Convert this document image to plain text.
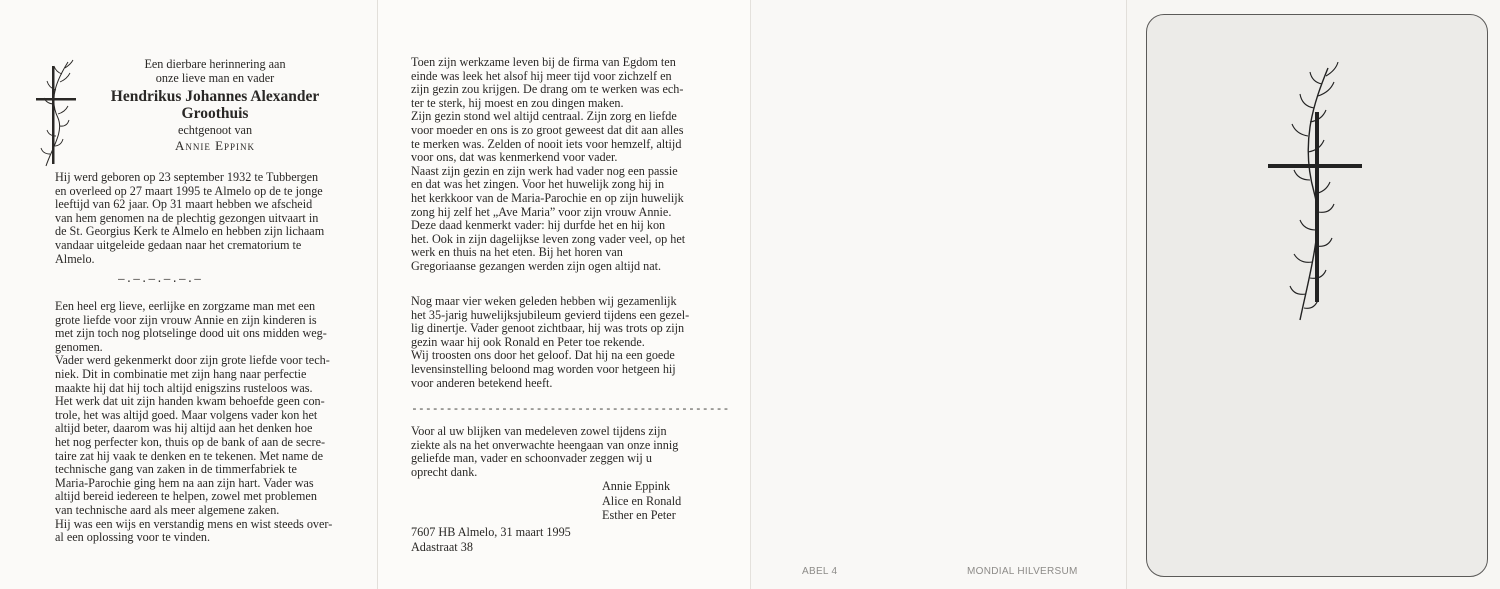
Een dierbare herinnering aan
onze lieve man en vader
Hendrikus Johannes Alexander
Groothuis
echtgenoot van
Annie Eppink
Hij werd geboren op 23 september 1932 te Tubbergen
en overleed op 27 maart 1995 te Almelo op de te jonge
leeftijd van 62 jaar. Op 31 maart hebben we afscheid
van hem genomen na de plechtig gezongen uitvaart in
de St. Georgius Kerk te Almelo en hebben zijn lichaam
vandaar uitgeleide gedaan naar het crematorium te
Almelo.
—.—.—.—.—.—
Een heel erg lieve, eerlijke en zorgzame man met een
grote liefde voor zijn vrouw Annie en zijn kinderen is
met zijn toch nog plotselinge dood uit ons midden weg-
genomen.
Vader werd gekenmerkt door zijn grote liefde voor tech-
niek. Dit in combinatie met zijn hang naar perfectie
maakte hij dat hij toch altijd enigszins rusteloos was.
Het werk dat uit zijn handen kwam behoefde geen con-
trole, het was altijd goed. Maar volgens vader kon het
altijd beter, daarom was hij altijd aan het denken hoe
het nog perfecter kon, thuis op de bank of aan de secre-
taire zat hij vaak te denken en te tekenen. Met name de
technische gang van zaken in de timmerfabriek te
Maria-Parochie ging hem na aan zijn hart. Vader was
altijd bereid iedereen te helpen, zowel met problemen
van technische aard als meer algemene zaken.
Hij was een wijs en verstandig mens en wist steeds over-
al een oplossing voor te vinden.
Toen zijn werkzame leven bij de firma van Egdom ten
einde was leek het alsof hij meer tijd voor zichzelf en
zijn gezin zou krijgen. De drang om te werken was ech-
ter te sterk, hij moest en zou dingen maken.
Zijn gezin stond wel altijd centraal. Zijn zorg en liefde
voor moeder en ons is zo groot geweest dat dit aan alles
te merken was. Zelden of nooit iets voor hemzelf, altijd
voor ons, dat was kenmerkend voor vader.
Naast zijn gezin en zijn werk had vader nog een passie
en dat was het zingen. Voor het huwelijk zong hij in
het kerkkoor van de Maria-Parochie en op zijn huwelijk
zong hij zelf het „Ave Maria” voor zijn vrouw Annie.
Deze daad kenmerkt vader: hij durfde het en hij kon
het. Ook in zijn dagelijkse leven zong vader veel, op het
werk en thuis na het eten. Bij het horen van
Gregoriaanse gezangen werden zijn ogen altijd nat.
Nog maar vier weken geleden hebben wij gezamenlijk
het 35-jarig huwelijksjubileum gevierd tijdens een gezel-
lig dinertje. Vader genoot zichtbaar, hij was trots op zijn
gezin waar hij ook Ronald en Peter toe rekende.
Wij troosten ons door het geloof. Dat hij na een goede
levensinstelling beloond mag worden voor hetgeen hij
voor anderen betekend heeft.
----------------------------------------------
Voor al uw blijken van medeleven zowel tijdens zijn
ziekte als na het onverwachte heengaan van onze innig
geliefde man, vader en schoonvader zeggen wij u
oprecht dank.
Annie Eppink
Alice en Ronald
Esther en Peter
7607 HB Almelo, 31 maart 1995
Adastraat 38
ABEL 4	MONDIAL HILVERSUM
